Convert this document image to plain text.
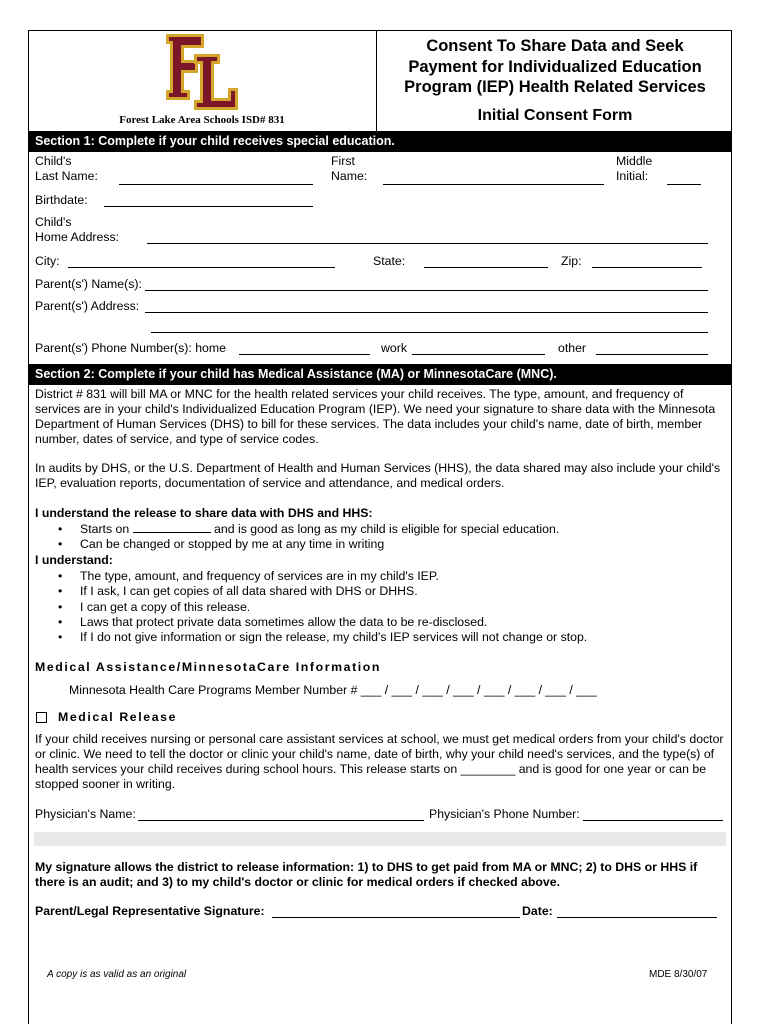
Forest Lake Area Schools ISD# 831
Consent To Share Data and Seek
Payment for Individualized Education
Program (IEP) Health Related Services
Initial Consent Form
Section 1: Complete if your child receives special education.
Child's
Last Name:
First
Name:
Middle
Initial:
Birthdate:
Child's
Home Address:
City:	State:	Zip:
Parent(s') Name(s):
Parent(s') Address:
Parent(s') Phone Number(s): home	work	other
Section 2: Complete if your child has Medical Assistance (MA) or MinnesotaCare (MNC).
District # 831 will bill MA or MNC for the health related services your child receives. The type, amount, and frequency of services are in your child's Individualized Education Program (IEP). We need your signature to share data with the Minnesota Department of Human Services (DHS) to bill for these services. The data includes your child's name, date of birth, member number, dates of service, and type of service codes.
In audits by DHS, or the U.S. Department of Health and Human Services (HHS), the data shared may also include your child's IEP, evaluation reports, documentation of service and attendance, and medical orders.
I understand the release to share data with DHS and HHS:
• Starts on	and is good as long as my child is eligible for special education.
• Can be changed or stopped by me at any time in writing
I understand:
• The type, amount, and frequency of services are in my child's IEP.
• If I ask, I can get copies of all data shared with DHS or DHHS.
• I can get a copy of this release.
• Laws that protect private data sometimes allow the data to be re-disclosed.
• If I do not give information or sign the release, my child's IEP services will not change or stop.
Medical Assistance/MinnesotaCare Information
Minnesota Health Care Programs Member Number # ___ / ___ / ___ / ___ / ___ / ___ / ___ / ___
Medical Release
If your child receives nursing or personal care assistant services at school, we must get medical orders from your child's doctor or clinic. We need to tell the doctor or clinic your child's name, date of birth, why your child need's services, and the type(s) of health services your child receives during school hours. This release starts on ________ and is good for one year or can be stopped sooner in writing.
Physician's Name:	Physician's Phone Number:
My signature allows the district to release information: 1) to DHS to get paid from MA or MNC; 2) to DHS or HHS if there is an audit; and 3) to my child's doctor or clinic for medical orders if checked above.
Parent/Legal Representative Signature:	Date:
A copy is as valid as an original	MDE 8/30/07
